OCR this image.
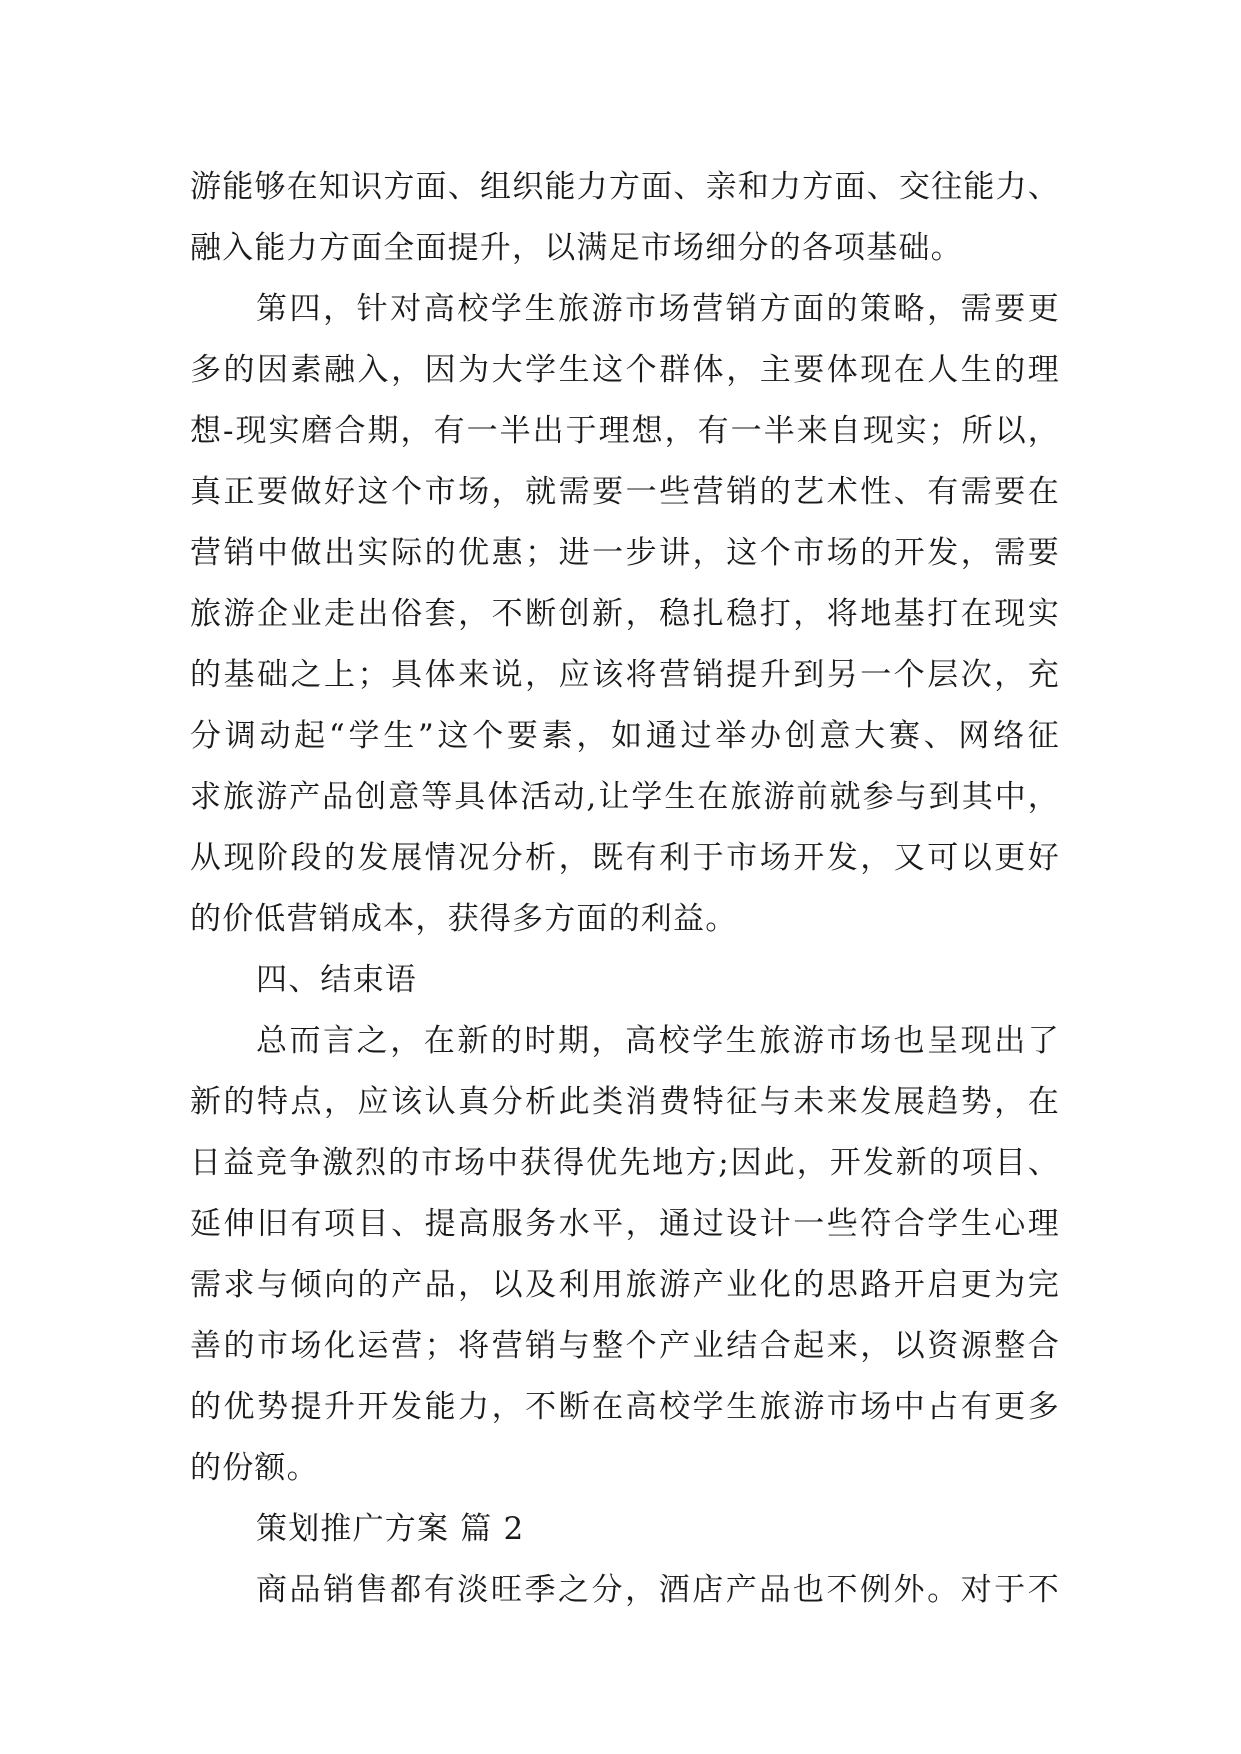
游能够在知识方面、组织能力方面、亲和力方面、交往能力、
融入能力方面全面提升，以满足市场细分的各项基础。
第四，针对高校学生旅游市场营销方面的策略，需要更
多的因素融入，因为大学生这个群体，主要体现在人生的理
想-现实磨合期，有一半出于理想，有一半来自现实；所以，
真正要做好这个市场，就需要一些营销的艺术性、有需要在
营销中做出实际的优惠；进一步讲，这个市场的开发，需要
旅游企业走出俗套，不断创新，稳扎稳打，将地基打在现实
的基础之上；具体来说，应该将营销提升到另一个层次，充
分调动起“学生”这个要素，如通过举办创意大赛、网络征
求旅游产品创意等具体活动,让学生在旅游前就参与到其中，
从现阶段的发展情况分析，既有利于市场开发，又可以更好
的价低营销成本，获得多方面的利益。
四、结束语
总而言之，在新的时期，高校学生旅游市场也呈现出了
新的特点，应该认真分析此类消费特征与未来发展趋势，在
日益竞争激烈的市场中获得优先地方;因此，开发新的项目、
延伸旧有项目、提高服务水平，通过设计一些符合学生心理
需求与倾向的产品，以及利用旅游产业化的思路开启更为完
善的市场化运营；将营销与整个产业结合起来，以资源整合
的优势提升开发能力，不断在高校学生旅游市场中占有更多
的份额。
策划推广方案 篇 2
商品销售都有淡旺季之分，酒店产品也不例外。对于不
